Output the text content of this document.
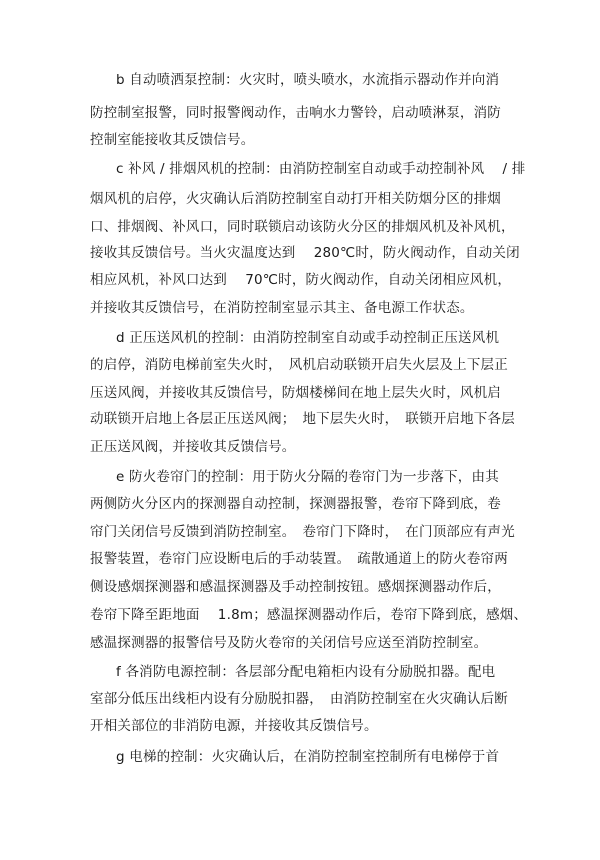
b 自动喷洒泵控制：火灾时，喷头喷水，水流指示器动作并向消
防控制室报警，同时报警阀动作，击响水力警铃，启动喷淋泵，消防
控制室能接收其反馈信号。
c 补风 / 排烟风机的控制：由消防控制室自动或手动控制补风　 / 排
烟风机的启停，火灾确认后消防控制室自动打开相关防烟分区的排烟
口、排烟阀、补风口，同时联锁启动该防火分区的排烟风机及补风机，
接收其反馈信号。当火灾温度达到　 280℃时，防火阀动作，自动关闭
相应风机，补风口达到　 70℃时，防火阀动作，自动关闭相应风机，
并接收其反馈信号，在消防控制室显示其主、备电源工作状态。
d 正压送风机的控制：由消防控制室自动或手动控制正压送风机
的启停，消防电梯前室失火时，　风机启动联锁开启失火层及上下层正
压送风阀，并接收其反馈信号，防烟楼梯间在地上层失火时，风机启
动联锁开启地上各层正压送风阀；　地下层失火时，　联锁开启地下各层
正压送风阀，并接收其反馈信号。
e 防火卷帘门的控制：用于防火分隔的卷帘门为一步落下，由其
两侧防火分区内的探测器自动控制，探测器报警，卷帘下降到底，卷
帘门关闭信号反馈到消防控制室。　卷帘门下降时，　在门顶部应有声光
报警装置，卷帘门应设断电后的手动装置。　疏散通道上的防火卷帘两
侧设感烟探测器和感温探测器及手动控制按钮。感烟探测器动作后，
卷帘下降至距地面　 1.8m；感温探测器动作后，卷帘下降到底，感烟、
感温探测器的报警信号及防火卷帘的关闭信号应送至消防控制室。
f 各消防电源控制：各层部分配电箱柜内设有分励脱扣器。配电
室部分低压出线柜内设有分励脱扣器，　由消防控制室在火灾确认后断
开相关部位的非消防电源，并接收其反馈信号。
g 电梯的控制：火灾确认后，在消防控制室控制所有电梯停于首
